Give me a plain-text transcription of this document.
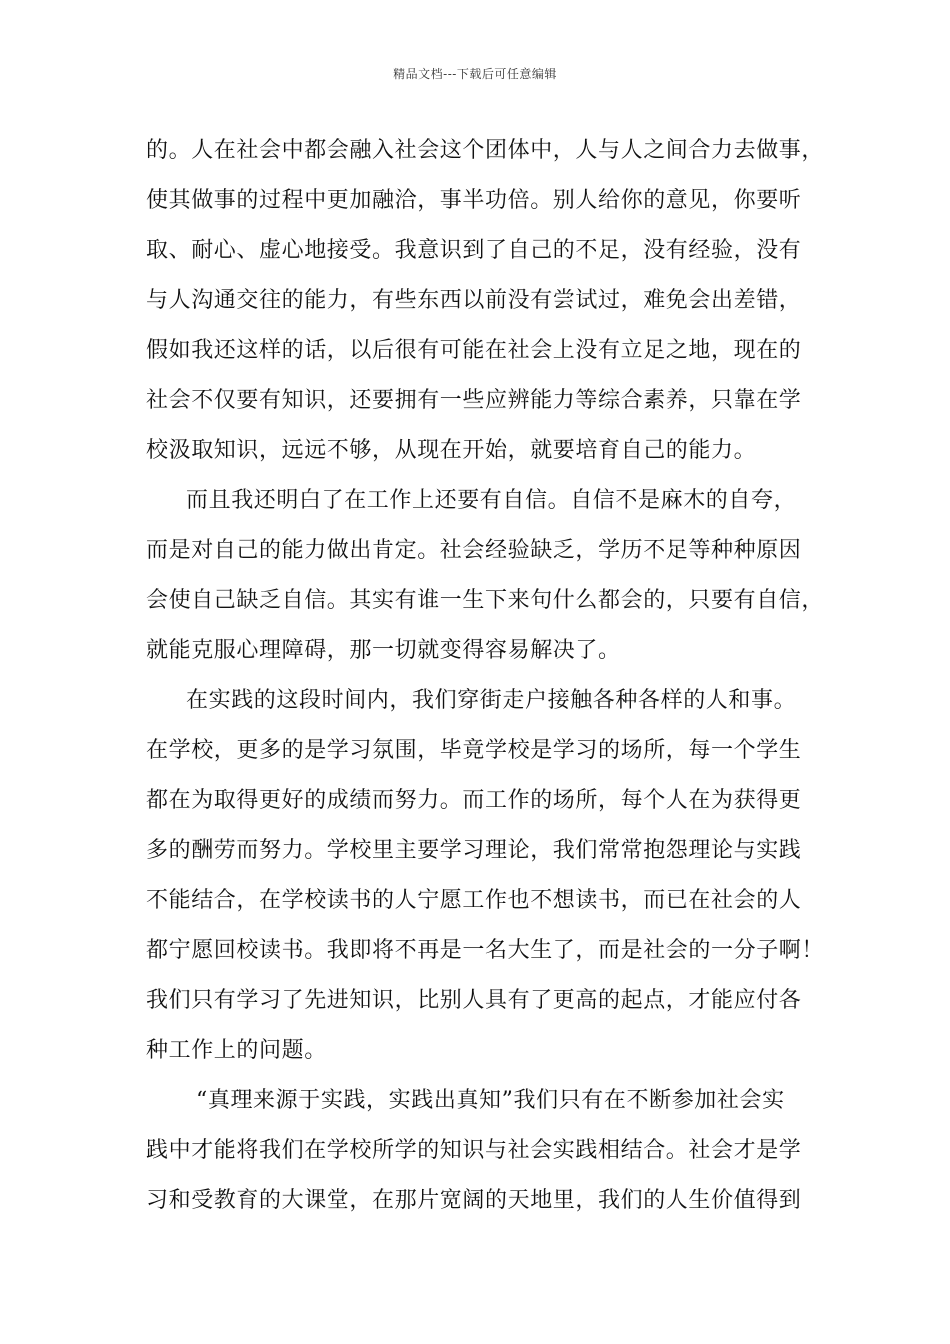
精品文档---下载后可任意编辑
的。人在社会中都会融入社会这个团体中，人与人之间合力去做事，
使其做事的过程中更加融洽，事半功倍。别人给你的意见，你要听
取、耐心、虚心地接受。我意识到了自己的不足，没有经验，没有
与人沟通交往的能力，有些东西以前没有尝试过，难免会出差错，
假如我还这样的话，以后很有可能在社会上没有立足之地，现在的
社会不仅要有知识，还要拥有一些应辨能力等综合素养，只靠在学
校汲取知识，远远不够，从现在开始，就要培育自己的能力。
而且我还明白了在工作上还要有自信。自信不是麻木的自夸，
而是对自己的能力做出肯定。社会经验缺乏，学历不足等种种原因
会使自己缺乏自信。其实有谁一生下来句什么都会的，只要有自信，
就能克服心理障碍，那一切就变得容易解决了。
在实践的这段时间内，我们穿街走户接触各种各样的人和事。
在学校，更多的是学习氛围，毕竟学校是学习的场所，每一个学生
都在为取得更好的成绩而努力。而工作的场所，每个人在为获得更
多的酬劳而努力。学校里主要学习理论，我们常常抱怨理论与实践
不能结合，在学校读书的人宁愿工作也不想读书，而已在社会的人
都宁愿回校读书。我即将不再是一名大生了，而是社会的一分子啊！
我们只有学习了先进知识，比别人具有了更高的起点，才能应付各
种工作上的问题。
“真理来源于实践，实践出真知”我们只有在不断参加社会实
践中才能将我们在学校所学的知识与社会实践相结合。社会才是学
习和受教育的大课堂，在那片宽阔的天地里，我们的人生价值得到
